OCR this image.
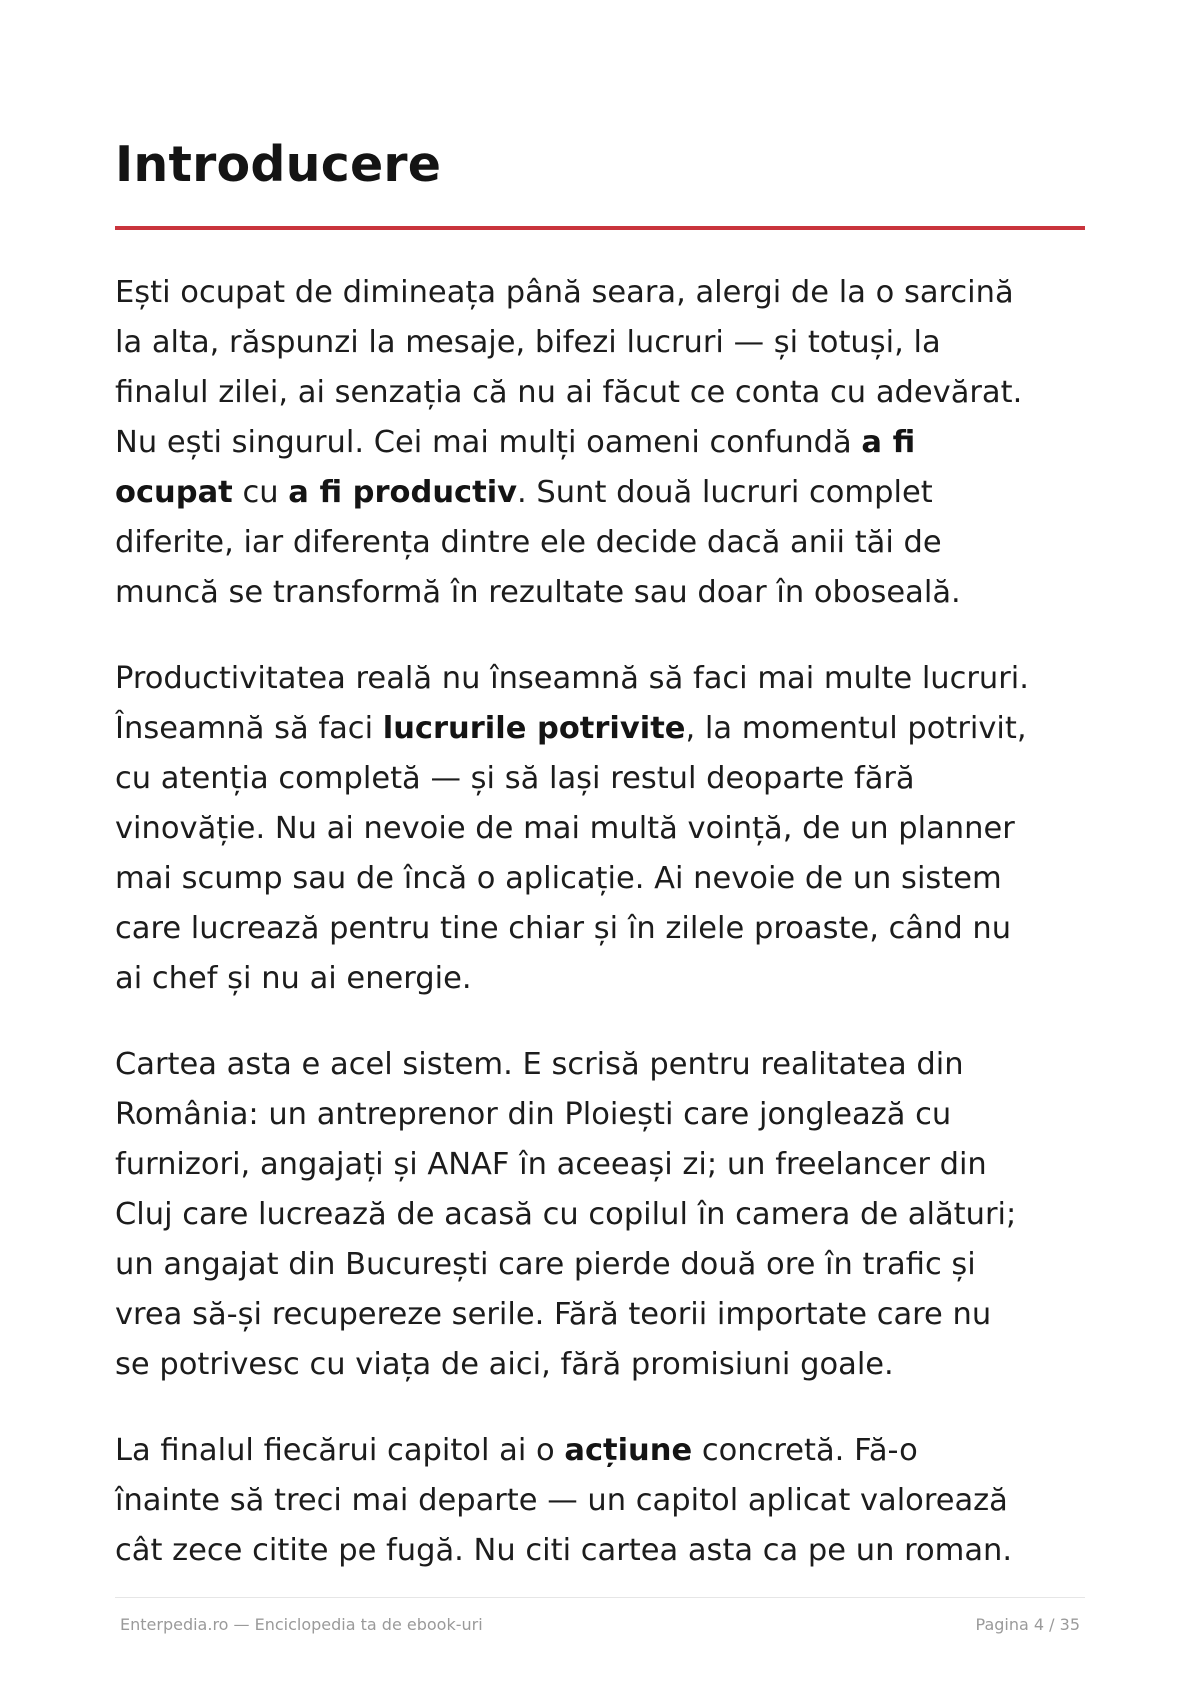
Introducere

Ești ocupat de dimineața până seara, alergi de la o sarcină
la alta, răspunzi la mesaje, bifezi lucruri — și totuși, la
finalul zilei, ai senzația că nu ai făcut ce conta cu adevărat.
Nu ești singurul. Cei mai mulți oameni confundă a fi
ocupat cu a fi productiv. Sunt două lucruri complet
diferite, iar diferența dintre ele decide dacă anii tăi de
muncă se transformă în rezultate sau doar în oboseală.

Productivitatea reală nu înseamnă să faci mai multe lucruri.
Înseamnă să faci lucrurile potrivite, la momentul potrivit,
cu atenția completă — și să lași restul deoparte fără
vinovăție. Nu ai nevoie de mai multă voință, de un planner
mai scump sau de încă o aplicație. Ai nevoie de un sistem
care lucrează pentru tine chiar și în zilele proaste, când nu
ai chef și nu ai energie.

Cartea asta e acel sistem. E scrisă pentru realitatea din
România: un antreprenor din Ploiești care jonglează cu
furnizori, angajați și ANAF în aceeași zi; un freelancer din
Cluj care lucrează de acasă cu copilul în camera de alături;
un angajat din București care pierde două ore în trafic și
vrea să-și recupereze serile. Fără teorii importate care nu
se potrivesc cu viața de aici, fără promisiuni goale.

La finalul fiecărui capitol ai o acțiune concretă. Fă-o
înainte să treci mai departe — un capitol aplicat valorează
cât zece citite pe fugă. Nu citi cartea asta ca pe un roman.

Enterpedia.ro — Enciclopedia ta de ebook-uri	Pagina 4 / 35
